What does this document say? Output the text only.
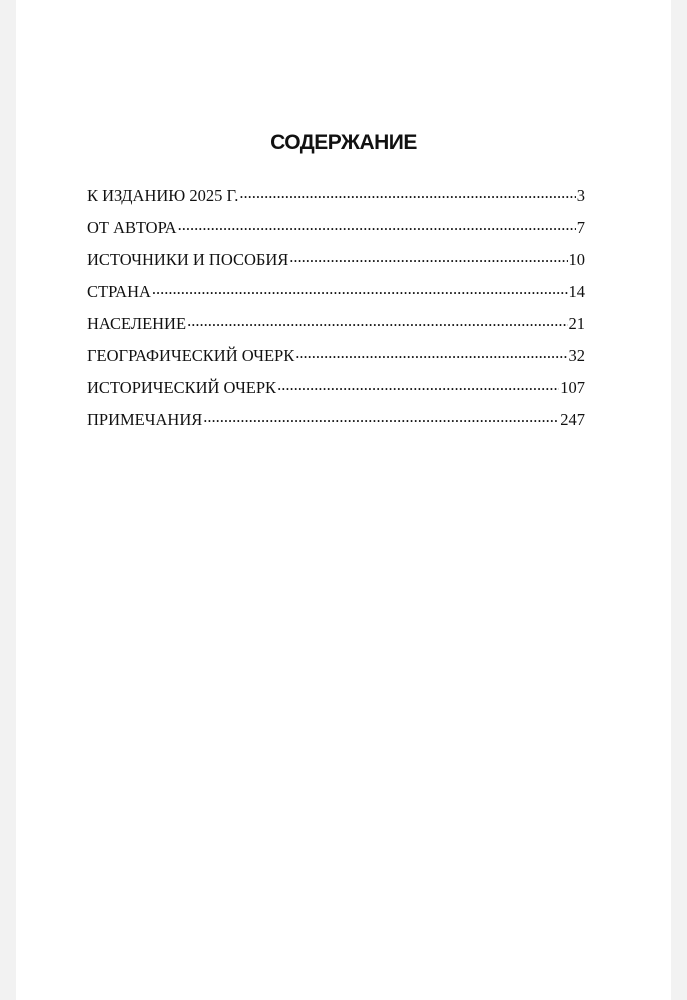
СОДЕРЖАНИЕ
К ИЗДАНИЮ 2025 Г. .....	3
ОТ АВТОРА .....	7
ИСТОЧНИКИ И ПОСОБИЯ .....	10
СТРАНА .....	14
НАСЕЛЕНИЕ .....	21
ГЕОГРАФИЧЕСКИЙ ОЧЕРК .....	32
ИСТОРИЧЕСКИЙ ОЧЕРК .....	107
ПРИМЕЧАНИЯ .....	247
